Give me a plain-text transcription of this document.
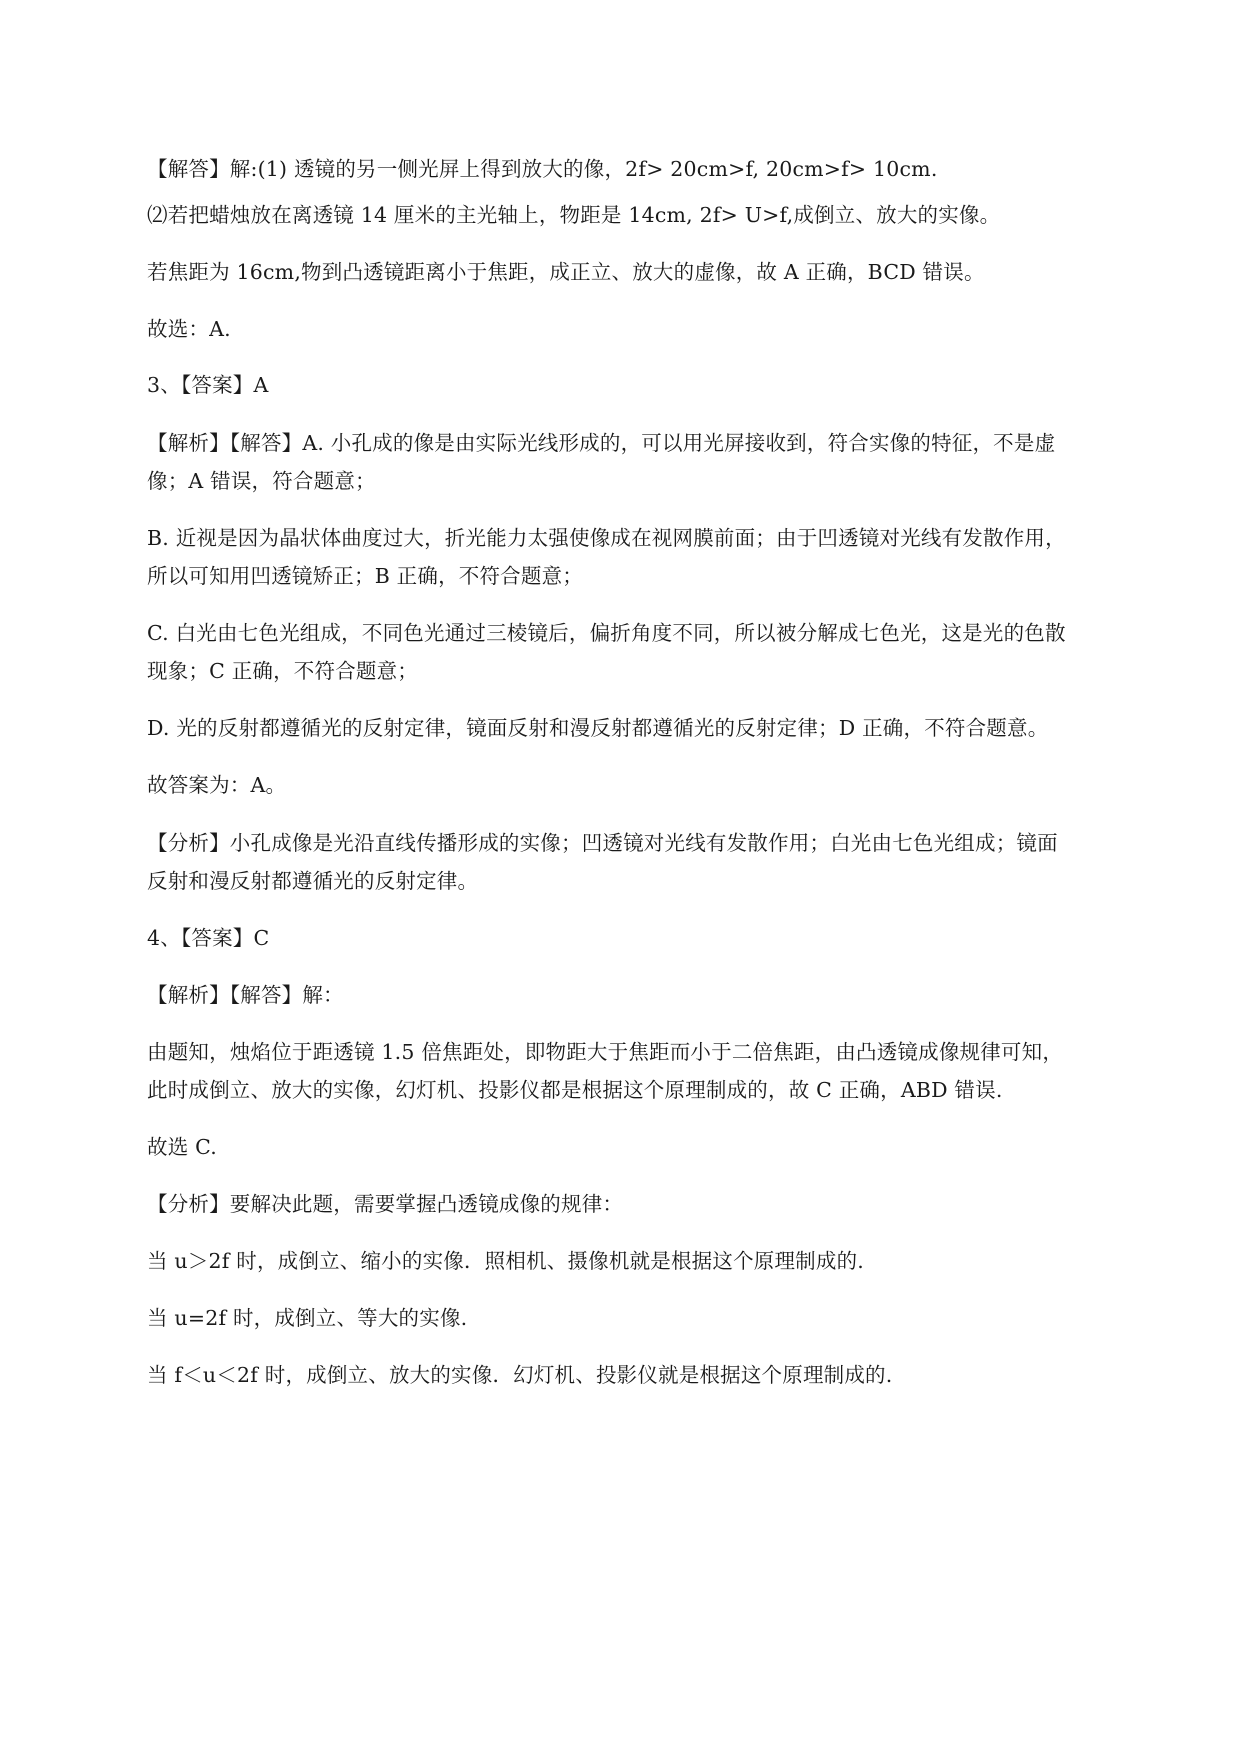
【解答】解:(1) 透镜的另一侧光屏上得到放大的像，2f> 20cm>f, 20cm>f> 10cm.
⑵若把蜡烛放在离透镜 14 厘米的主光轴上，物距是 14cm, 2f> U>f,成倒立、放大的实像。
若焦距为 16cm,物到凸透镜距离小于焦距，成正立、放大的虚像，故 A 正确，BCD 错误。
故选：A.
3、【答案】A
【解析】【解答】A. 小孔成的像是由实际光线形成的，可以用光屏接收到，符合实像的特征，不是虚
像；A 错误，符合题意；
B. 近视是因为晶状体曲度过大，折光能力太强使像成在视网膜前面；由于凹透镜对光线有发散作用，
所以可知用凹透镜矫正；B 正确，不符合题意；
C. 白光由七色光组成，不同色光通过三棱镜后，偏折角度不同，所以被分解成七色光，这是光的色散
现象；C 正确，不符合题意；
D. 光的反射都遵循光的反射定律，镜面反射和漫反射都遵循光的反射定律；D 正确，不符合题意。
故答案为：A。
【分析】小孔成像是光沿直线传播形成的实像；凹透镜对光线有发散作用；白光由七色光组成；镜面
反射和漫反射都遵循光的反射定律。
4、【答案】C
【解析】【解答】解：
由题知，烛焰位于距透镜 1.5 倍焦距处，即物距大于焦距而小于二倍焦距，由凸透镜成像规律可知，
此时成倒立、放大的实像，幻灯机、投影仪都是根据这个原理制成的，故 C 正确，ABD 错误.
故选 C.
【分析】要解决此题，需要掌握凸透镜成像的规律：
当 u＞2f 时，成倒立、缩小的实像．照相机、摄像机就是根据这个原理制成的.
当 u=2f 时，成倒立、等大的实像.
当 f＜u＜2f 时，成倒立、放大的实像．幻灯机、投影仪就是根据这个原理制成的.
